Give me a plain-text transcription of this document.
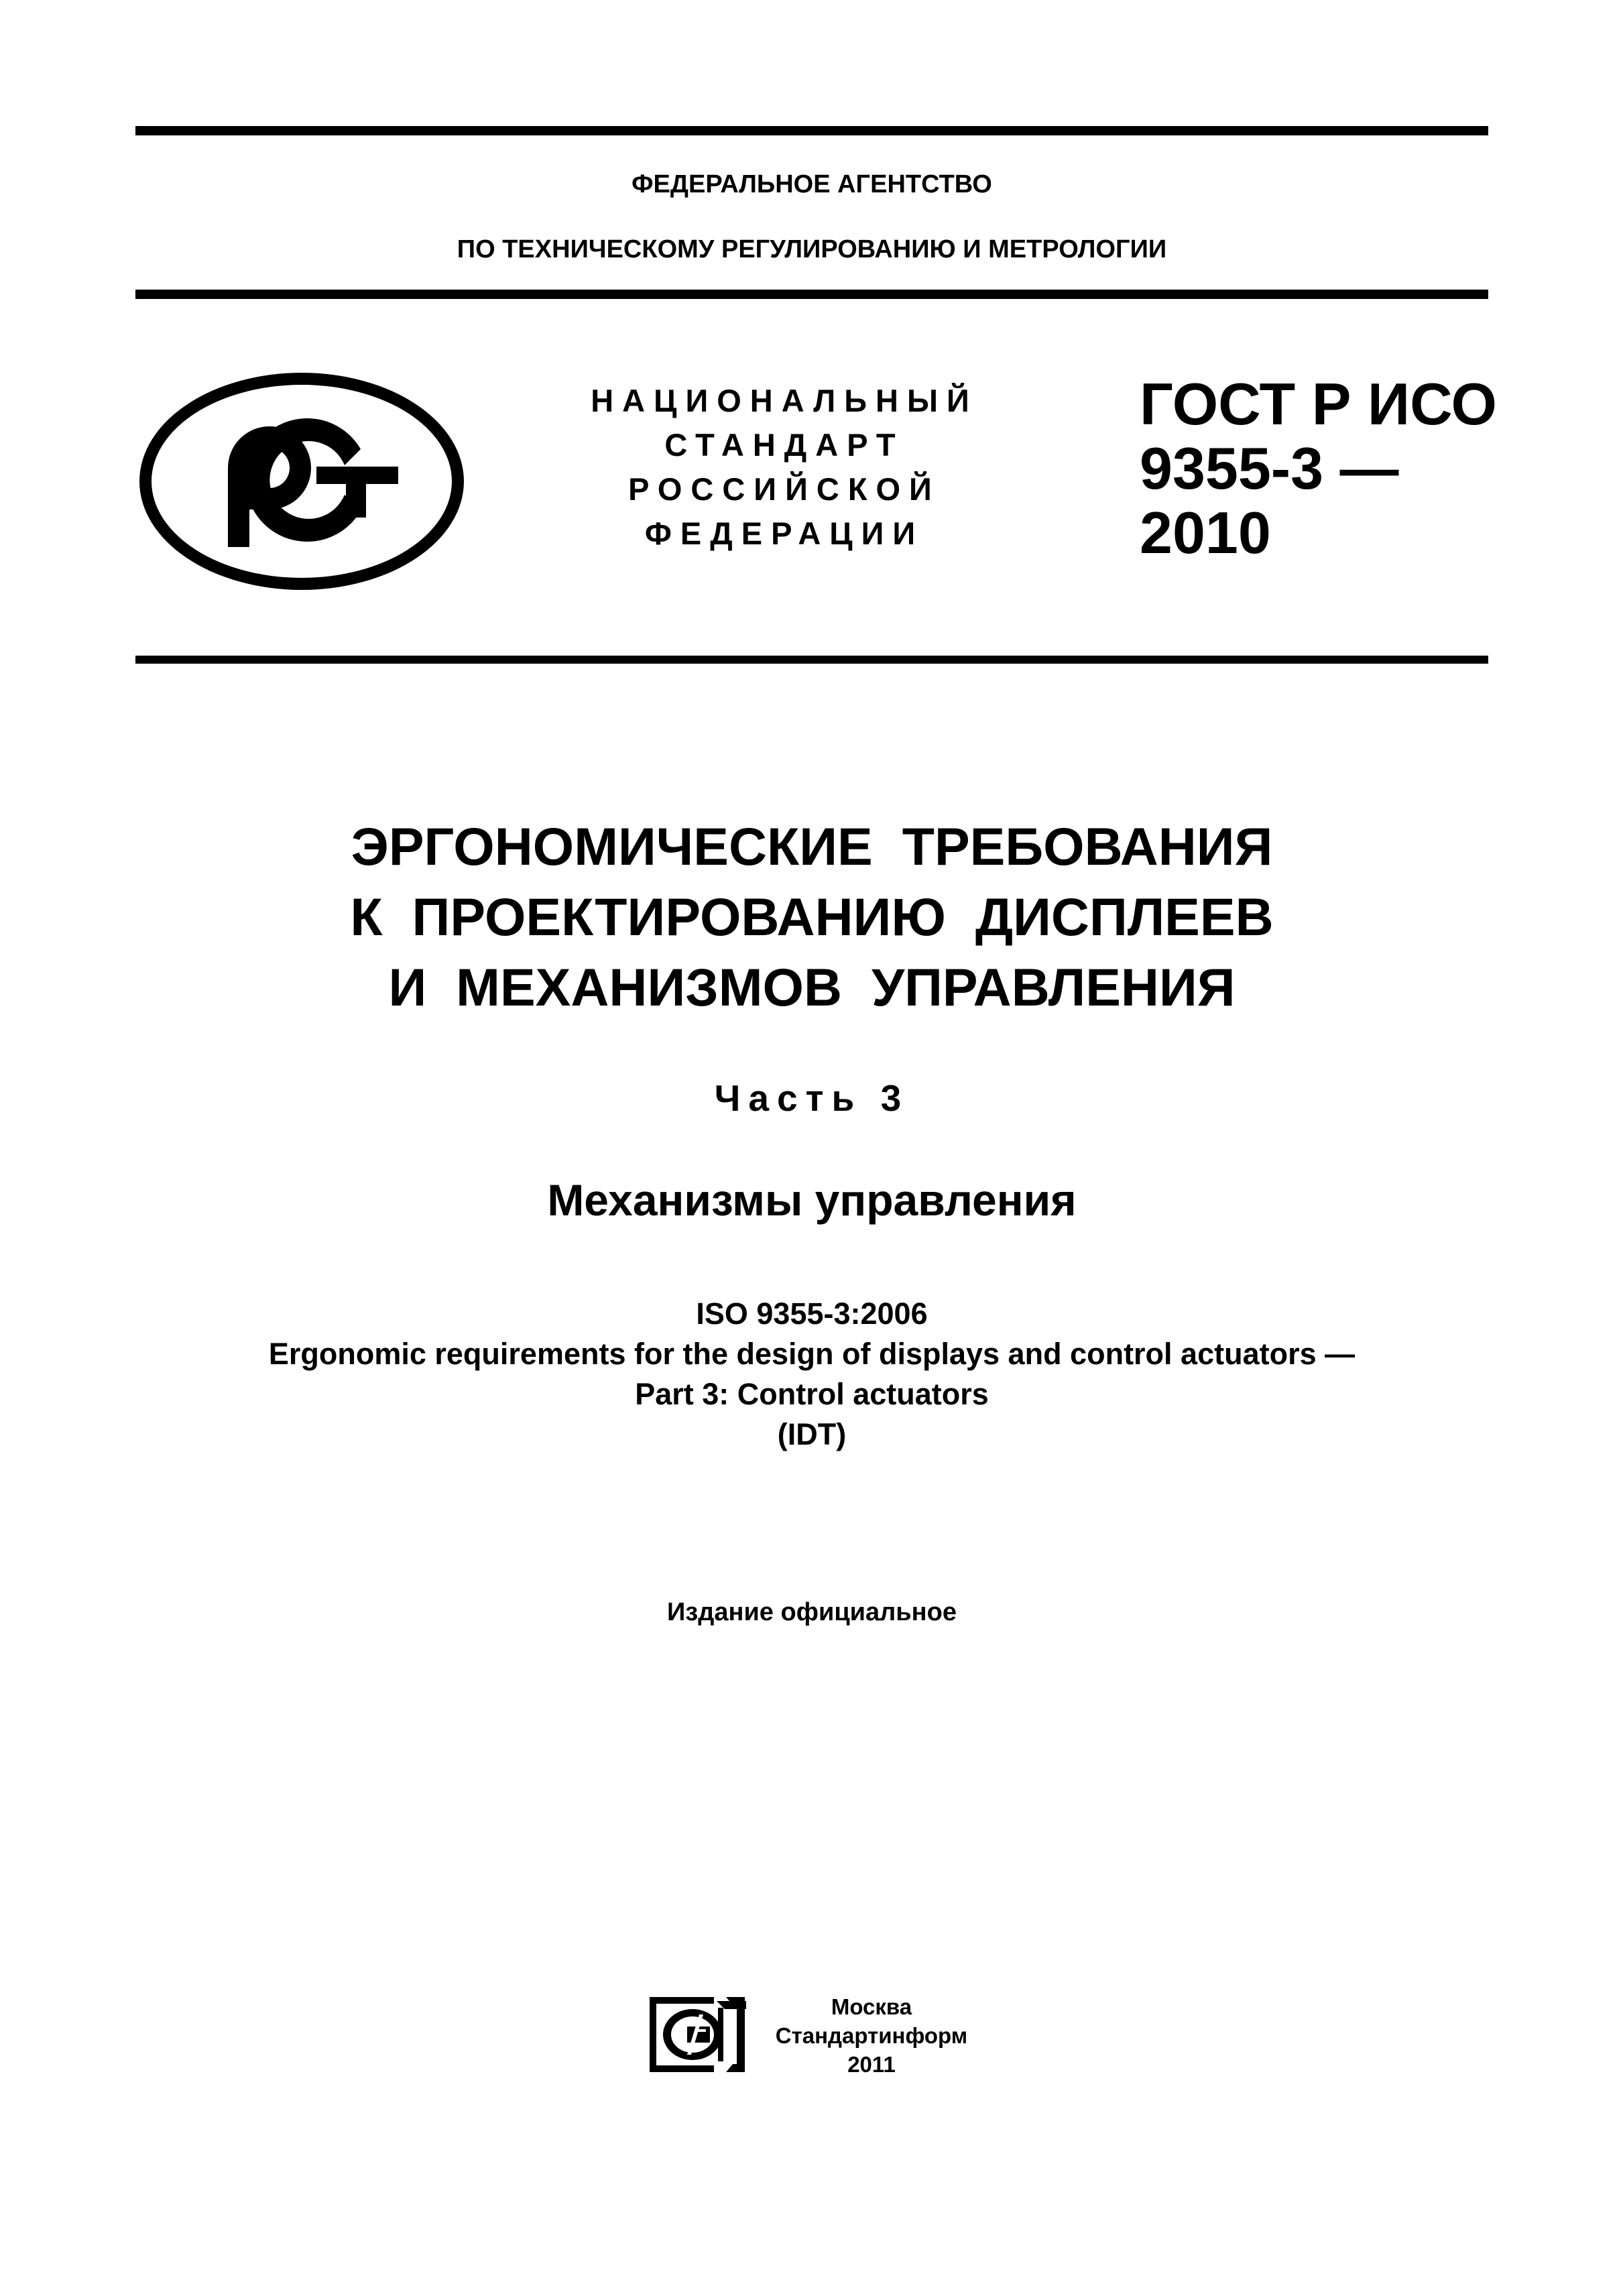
ФЕДЕРАЛЬНОЕ АГЕНТСТВО
ПО ТЕХНИЧЕСКОМУ РЕГУЛИРОВАНИЮ И МЕТРОЛОГИИ
НАЦИОНАЛЬНЫЙ
СТАНДАРТ
РОССИЙСКОЙ
ФЕДЕРАЦИИ
ГОСТ Р ИСО
9355-3 —
2010
ЭРГОНОМИЧЕСКИЕ ТРЕБОВАНИЯ
К ПРОЕКТИРОВАНИЮ ДИСПЛЕЕВ
И МЕХАНИЗМОВ УПРАВЛЕНИЯ
Часть 3
Механизмы управления
ISO 9355-3:2006
Ergonomic requirements for the design of displays and control actuators —
Part 3: Control actuators
(IDT)
Издание официальное
Москва
Стандартинформ
2011
